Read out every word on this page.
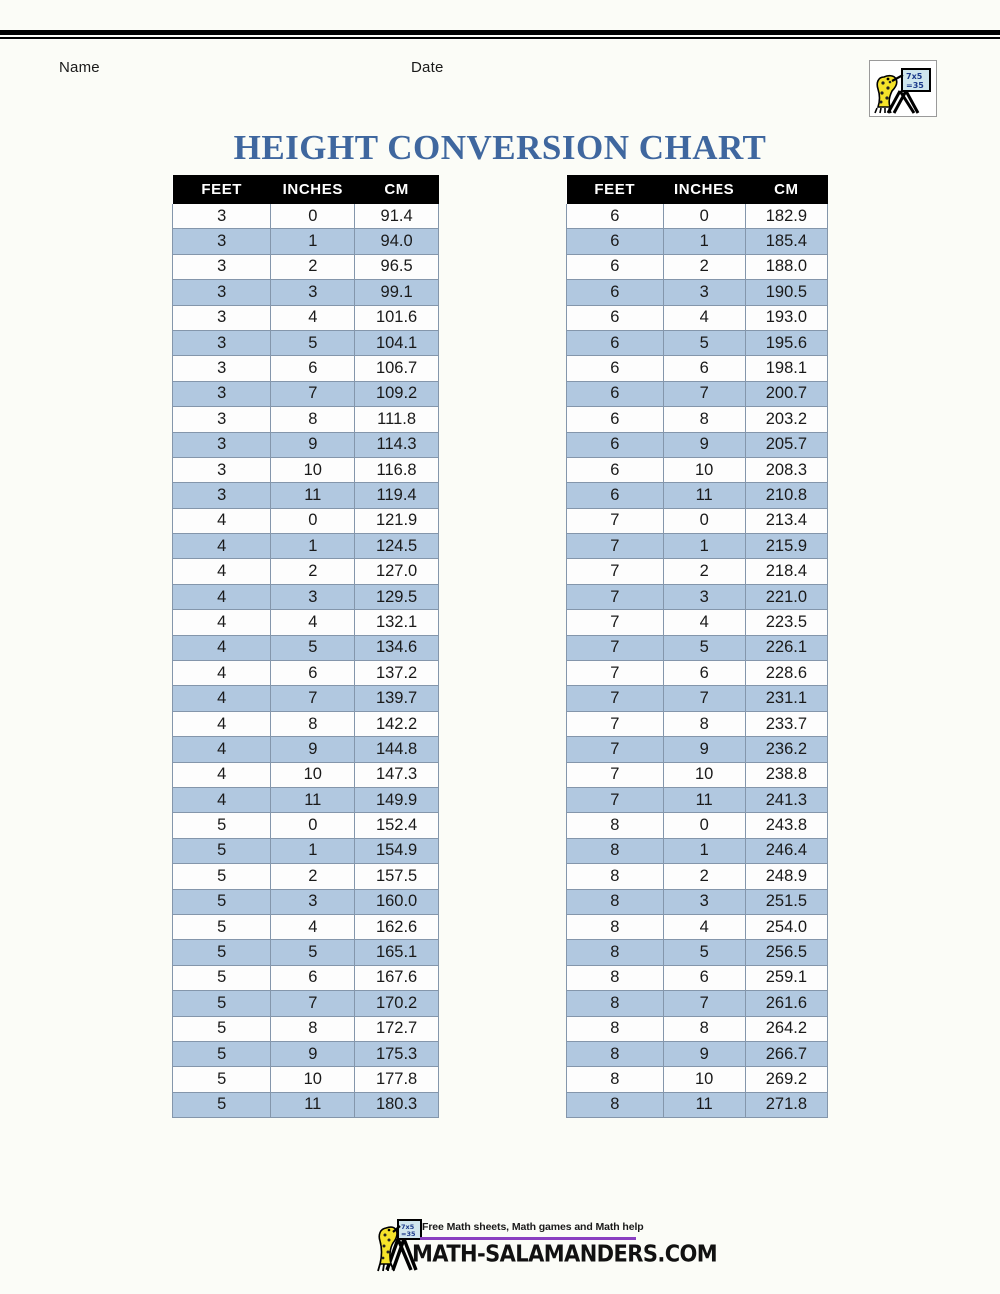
Name	Date
7x5
=35
HEIGHT CONVERSION CHART
FEET	INCHES	CM
3	0	91.4
3	1	94.0
3	2	96.5
3	3	99.1
3	4	101.6
3	5	104.1
3	6	106.7
3	7	109.2
3	8	111.8
3	9	114.3
3	10	116.8
3	11	119.4
4	0	121.9
4	1	124.5
4	2	127.0
4	3	129.5
4	4	132.1
4	5	134.6
4	6	137.2
4	7	139.7
4	8	142.2
4	9	144.8
4	10	147.3
4	11	149.9
5	0	152.4
5	1	154.9
5	2	157.5
5	3	160.0
5	4	162.6
5	5	165.1
5	6	167.6
5	7	170.2
5	8	172.7
5	9	175.3
5	10	177.8
5	11	180.3
FEET	INCHES	CM
6	0	182.9
6	1	185.4
6	2	188.0
6	3	190.5
6	4	193.0
6	5	195.6
6	6	198.1
6	7	200.7
6	8	203.2
6	9	205.7
6	10	208.3
6	11	210.8
7	0	213.4
7	1	215.9
7	2	218.4
7	3	221.0
7	4	223.5
7	5	226.1
7	6	228.6
7	7	231.1
7	8	233.7
7	9	236.2
7	10	238.8
7	11	241.3
8	0	243.8
8	1	246.4
8	2	248.9
8	3	251.5
8	4	254.0
8	5	256.5
8	6	259.1
8	7	261.6
8	8	264.2
8	9	266.7
8	10	269.2
8	11	271.8
7x5
=35
Free Math sheets, Math games and Math help
MATH-SALAMANDERS.COM
